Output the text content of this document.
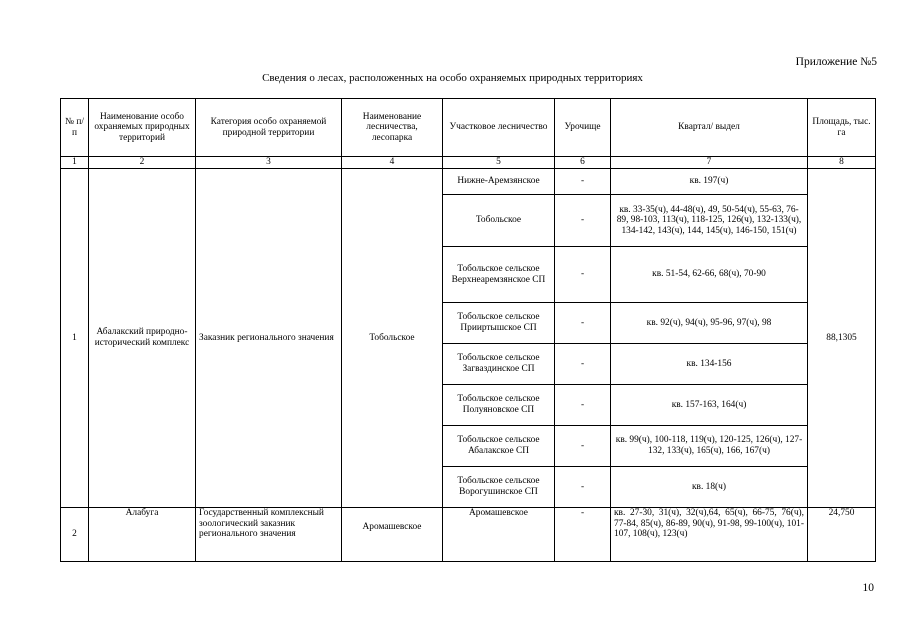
Приложение №5
Сведения о лесах, расположенных на особо охраняемых природных территориях
№ п/п	Наименование особо охраняемых природных территорий	Категория особо охраняемой природной территории	Наименование лесничества, лесопарка	Участковое лесничество	Урочище	Квартал/ выдел	Площадь, тыс. га
1	2	3	4	5	6	7	8
1	Абалакский природно-исторический комплекс	Заказник регионального значения	Тобольское	Нижне-Аремзянское	-	кв. 197(ч)	88,1305
				Тобольское	-	кв. 33-35(ч), 44-48(ч), 49, 50-54(ч), 55-63, 76-89, 98-103, 113(ч), 118-125, 126(ч), 132-133(ч), 134-142, 143(ч), 144, 145(ч), 146-150, 151(ч)	
				Тобольское сельское Верхнеаремзянское СП	-	кв. 51-54, 62-66, 68(ч), 70-90	
				Тобольское сельское Прииртышское СП	-	кв. 92(ч), 94(ч), 95-96, 97(ч), 98	
				Тобольское сельское Загваздинское СП	-	кв. 134-156	
				Тобольское сельское Полуяновское СП	-	кв. 157-163, 164(ч)	
				Тобольское сельское Абалакское СП	-	кв. 99(ч), 100-118, 119(ч), 120-125, 126(ч), 127-132, 133(ч), 165(ч), 166, 167(ч)	
				Тобольское сельское Ворогушинское СП	-	кв. 18(ч)	
2	Алабуга	Государственный комплексный зоологический заказник регионального значения	Аромашевское	Аромашевское	-	кв. 27-30, 31(ч), 32(ч),64, 65(ч), 66-75, 76(ч), 77-84, 85(ч), 86-89, 90(ч), 91-98, 99-100(ч), 101-107, 108(ч), 123(ч)	24,750
10
